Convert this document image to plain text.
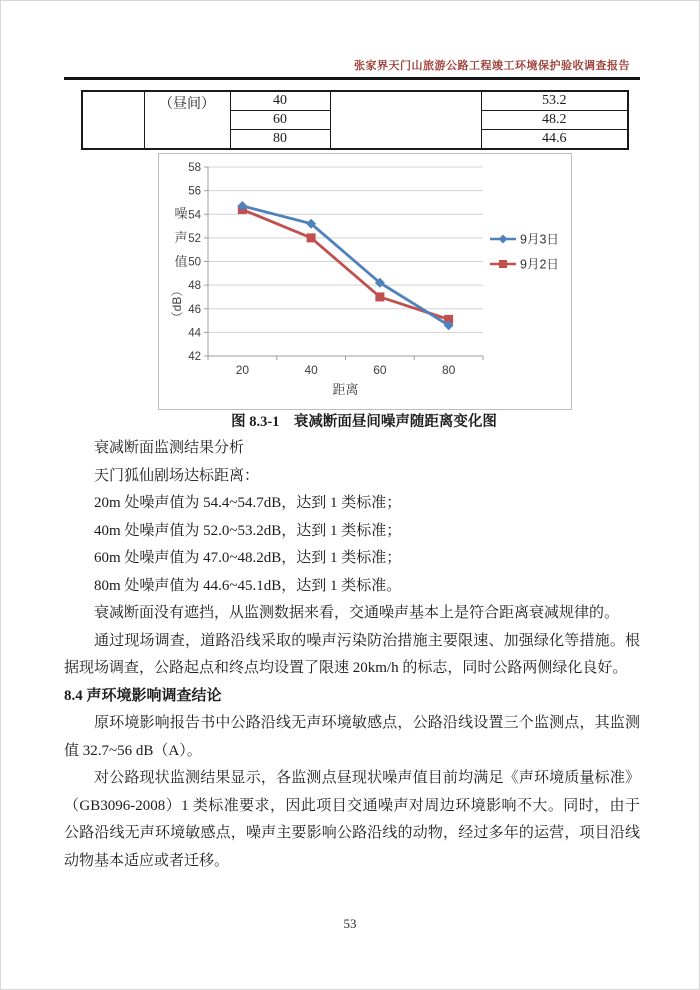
张家界天门山旅游公路工程竣工环境保护验收调查报告
	（昼间）	40		53.2
		60		48.2
		80		44.6
42
44
46
48
50
52
54
56
58
20	40	60	80
距离
噪
声
值
（dB）
9月3日
9月2日
图 8.3-1　衰减断面昼间噪声随距离变化图

衰减断面监测结果分析

天门狐仙剧场达标距离：

20m 处噪声值为 54.4~54.7dB，达到 1 类标准；

40m 处噪声值为 52.0~53.2dB，达到 1 类标准；

60m 处噪声值为 47.0~48.2dB，达到 1 类标准；

80m 处噪声值为 44.6~45.1dB，达到 1 类标准。

衰减断面没有遮挡，从监测数据来看，交通噪声基本上是符合距离衰减规律的。

通过现场调查，道路沿线采取的噪声污染防治措施主要限速、加强绿化等措施。根据现场调查，公路起点和终点均设置了限速 20km/h 的标志，同时公路两侧绿化良好。

8.4 声环境影响调查结论

原环境影响报告书中公路沿线无声环境敏感点，公路沿线设置三个监测点，其监测值 32.7~56 dB（A）。

对公路现状监测结果显示，各监测点昼现状噪声值目前均满足《声环境质量标准》（GB3096-2008）1 类标准要求，因此项目交通噪声对周边环境影响不大。同时，由于公路沿线无声环境敏感点，噪声主要影响公路沿线的动物，经过多年的运营，项目沿线动物基本适应或者迁移。

53
